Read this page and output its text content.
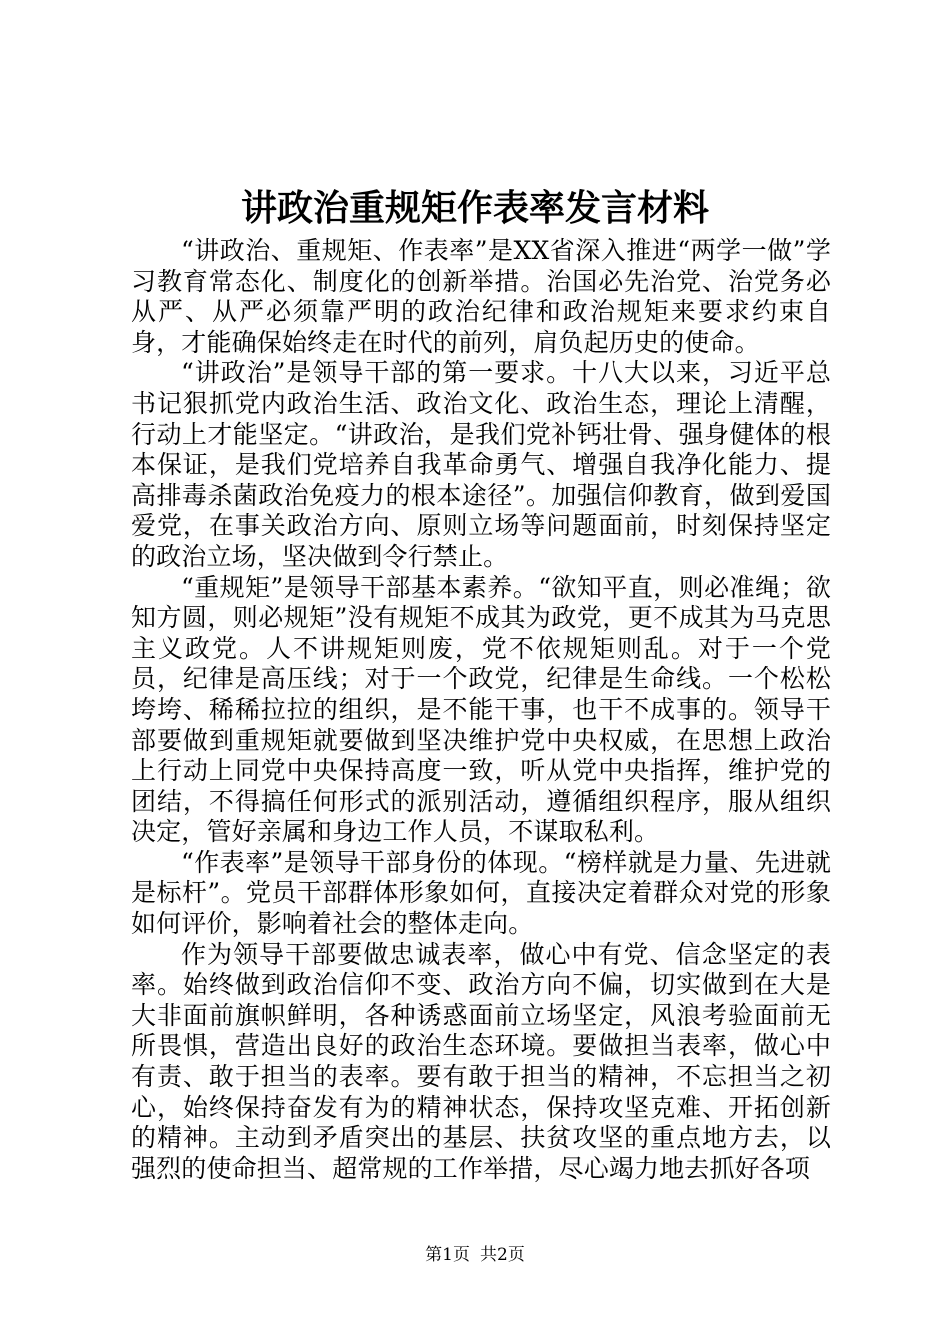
讲政治重规矩作表率发言材料

“讲政治、重规矩、作表率”是XX省深入推进“两学一做”学习教育常态化、制度化的创新举措。治国必先治党、治党务必从严、从严必须靠严明的政治纪律和政治规矩来要求约束自身，才能确保始终走在时代的前列，肩负起历史的使命。

“讲政治”是领导干部的第一要求。十八大以来，习近平总书记狠抓党内政治生活、政治文化、政治生态，理论上清醒，行动上才能坚定。“讲政治，是我们党补钙壮骨、强身健体的根本保证，是我们党培养自我革命勇气、增强自我净化能力、提高排毒杀菌政治免疫力的根本途径”。加强信仰教育，做到爱国爱党，在事关政治方向、原则立场等问题面前，时刻保持坚定的政治立场，坚决做到令行禁止。

“重规矩”是领导干部基本素养。“欲知平直，则必准绳；欲知方圆，则必规矩”没有规矩不成其为政党，更不成其为马克思主义政党。人不讲规矩则废，党不依规矩则乱。对于一个党员，纪律是高压线；对于一个政党，纪律是生命线。一个松松垮垮、稀稀拉拉的组织，是不能干事，也干不成事的。领导干部要做到重规矩就要做到坚决维护党中央权威，在思想上政治上行动上同党中央保持高度一致，听从党中央指挥，维护党的团结，不得搞任何形式的派别活动，遵循组织程序，服从组织决定，管好亲属和身边工作人员，不谋取私利。

“作表率”是领导干部身份的体现。“榜样就是力量、先进就是标杆”。党员干部群体形象如何，直接决定着群众对党的形象如何评价，影响着社会的整体走向。

作为领导干部要做忠诚表率，做心中有党、信念坚定的表率。始终做到政治信仰不变、政治方向不偏，切实做到在大是大非面前旗帜鲜明，各种诱惑面前立场坚定，风浪考验面前无所畏惧，营造出良好的政治生态环境。要做担当表率，做心中有责、敢于担当的表率。要有敢于担当的精神，不忘担当之初心，始终保持奋发有为的精神状态，保持攻坚克难、开拓创新的精神。主动到矛盾突出的基层、扶贫攻坚的重点地方去，以强烈的使命担当、超常规的工作举措，尽心竭力地去抓好各项

第1页 共2页
